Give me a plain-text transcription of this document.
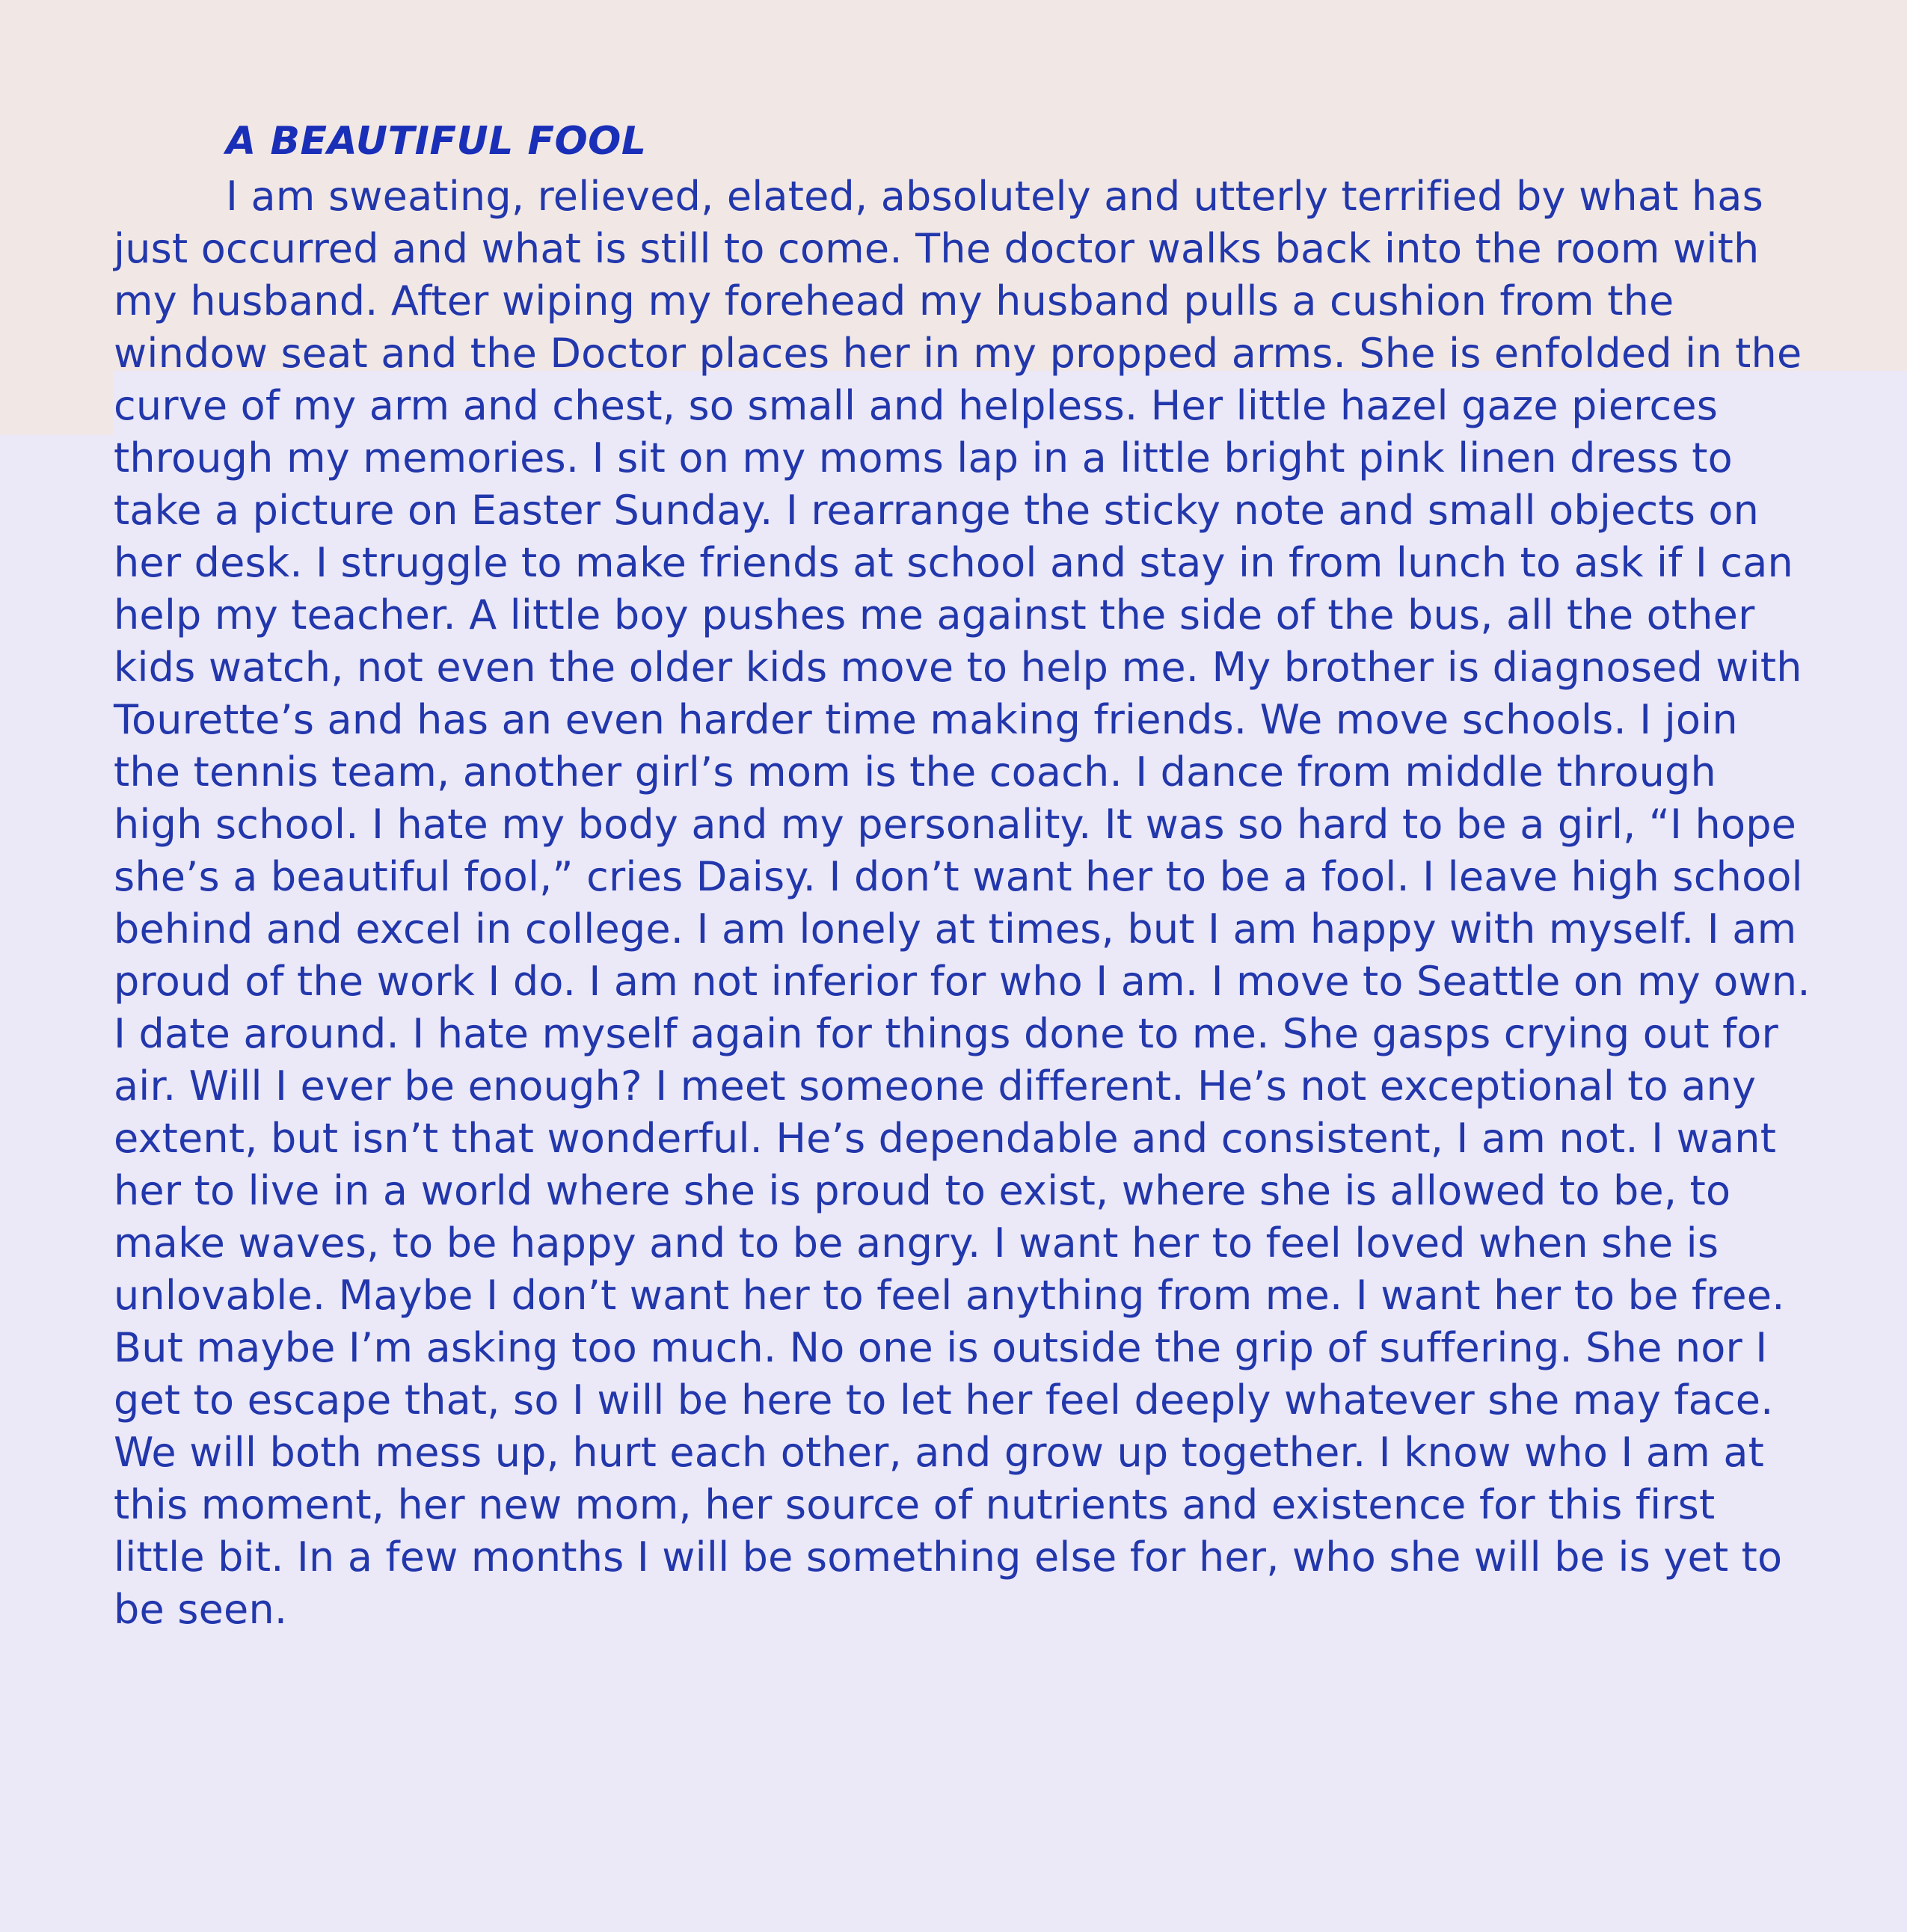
A BEAUTIFUL FOOL

I am sweating, relieved, elated, absolutely and utterly terrified by what has just occurred and what is still to come. The doctor walks back into the room with my husband. After wiping my forehead my husband pulls a cushion from the window seat and the Doctor places her in my propped arms. She is enfolded in the curve of my arm and chest, so small and helpless. Her little hazel gaze pierces through my memories. I sit on my moms lap in a little bright pink linen dress to take a picture on Easter Sunday. I rearrange the sticky note and small objects on her desk. I struggle to make friends at school and stay in from lunch to ask if I can help my teacher. A little boy pushes me against the side of the bus, all the other kids watch, not even the older kids move to help me. My brother is diagnosed with Tourette’s and has an even harder time making friends. We move schools. I join the tennis team, another girl’s mom is the coach. I dance from middle through high school. I hate my body and my personality. It was so hard to be a girl, “I hope she’s a beautiful fool,” cries Daisy. I don’t want her to be a fool. I leave high school behind and excel in college. I am lonely at times, but I am happy with myself. I am proud of the work I do. I am not inferior for who I am. I move to Seattle on my own. I date around. I hate myself again for things done to me. She gasps crying out for air. Will I ever be enough? I meet someone different. He’s not exceptional to any extent, but isn’t that wonderful. He’s dependable and consistent, I am not. I want her to live in a world where she is proud to exist, where she is allowed to be, to make waves, to be happy and to be angry. I want her to feel loved when she is unlovable. Maybe I don’t want her to feel anything from me. I want her to be free. But maybe I’m asking too much. No one is outside the grip of suffering. She nor I get to escape that, so I will be here to let her feel deeply whatever she may face. We will both mess up, hurt each other, and grow up together. I know who I am at this moment, her new mom, her source of nutrients and existence for this first little bit. In a few months I will be something else for her, who she will be is yet to be seen.
